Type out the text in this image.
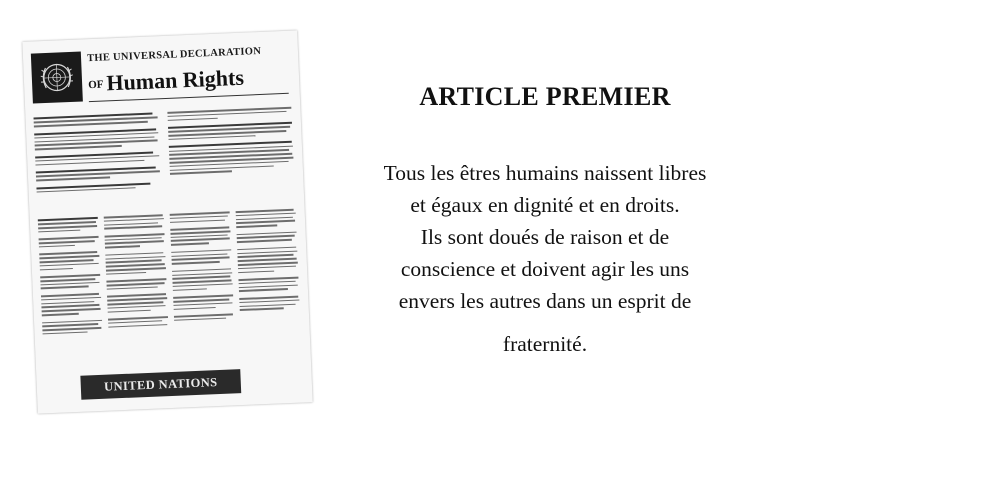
THE UNIVERSAL DECLARATION
OFHuman Rights
UNITED NATIONS
ARTICLE PREMIER

Tous les êtres humains naissent libres
et égaux en dignité et en droits.
Ils sont doués de raison et de
conscience et doivent agir les uns
envers les autres dans un esprit de
fraternité.
